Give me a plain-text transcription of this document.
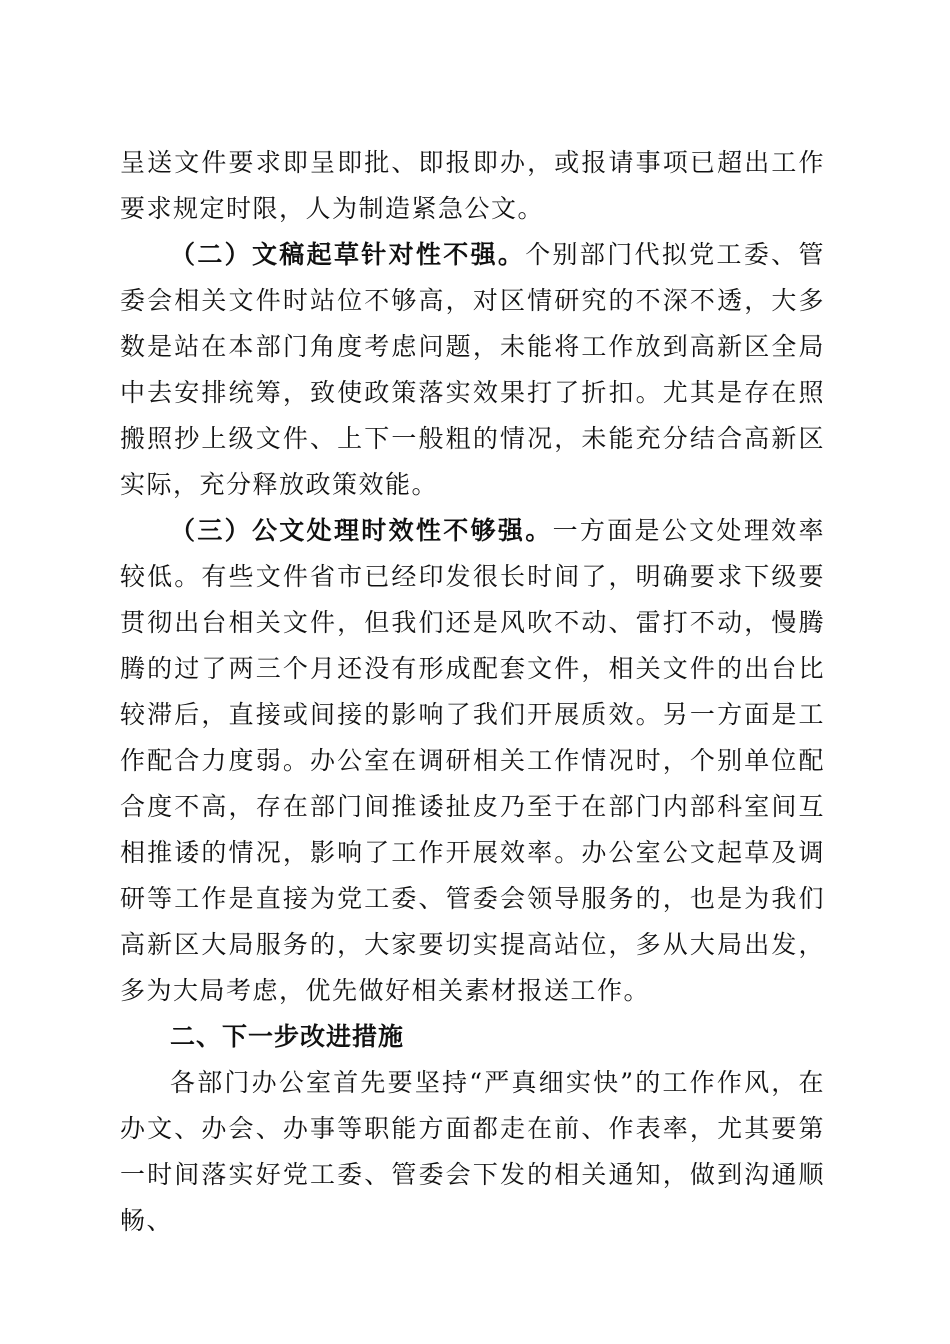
呈送文件要求即呈即批、即报即办，或报请事项已超出工作要求规定时限，人为制造紧急公文。

（二）文稿起草针对性不强。个别部门代拟党工委、管委会相关文件时站位不够高，对区情研究的不深不透，大多数是站在本部门角度考虑问题，未能将工作放到高新区全局中去安排统筹，致使政策落实效果打了折扣。尤其是存在照搬照抄上级文件、上下一般粗的情况，未能充分结合高新区实际，充分释放政策效能。

（三）公文处理时效性不够强。一方面是公文处理效率较低。有些文件省市已经印发很长时间了，明确要求下级要贯彻出台相关文件，但我们还是风吹不动、雷打不动，慢腾腾的过了两三个月还没有形成配套文件，相关文件的出台比较滞后，直接或间接的影响了我们开展质效。另一方面是工作配合力度弱。办公室在调研相关工作情况时，个别单位配合度不高，存在部门间推诿扯皮乃至于在部门内部科室间互相推诿的情况，影响了工作开展效率。办公室公文起草及调研等工作是直接为党工委、管委会领导服务的，也是为我们高新区大局服务的，大家要切实提高站位，多从大局出发，多为大局考虑，优先做好相关素材报送工作。

二、下一步改进措施

各部门办公室首先要坚持“严真细实快”的工作作风，在办文、办会、办事等职能方面都走在前、作表率，尤其要第一时间落实好党工委、管委会下发的相关通知，做到沟通顺畅、
